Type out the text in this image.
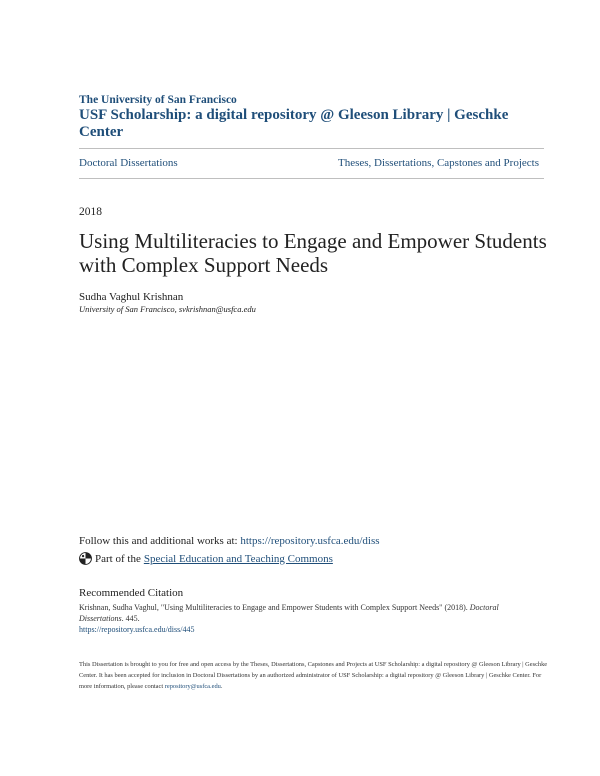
The University of San Francisco
USF Scholarship: a digital repository @ Gleeson Library | Geschke Center
Doctoral Dissertations	Theses, Dissertations, Capstones and Projects
2018
Using Multiliteracies to Engage and Empower Students with Complex Support Needs
Sudha Vaghul Krishnan
University of San Francisco, svkrishnan@usfca.edu
Follow this and additional works at: https://repository.usfca.edu/diss
Part of the Special Education and Teaching Commons
Recommended Citation
Krishnan, Sudha Vaghul, "Using Multiliteracies to Engage and Empower Students with Complex Support Needs" (2018). Doctoral Dissertations. 445.
https://repository.usfca.edu/diss/445
This Dissertation is brought to you for free and open access by the Theses, Dissertations, Capstones and Projects at USF Scholarship: a digital repository @ Gleeson Library | Geschke Center. It has been accepted for inclusion in Doctoral Dissertations by an authorized administrator of USF Scholarship: a digital repository @ Gleeson Library | Geschke Center. For more information, please contact repository@usfca.edu.
